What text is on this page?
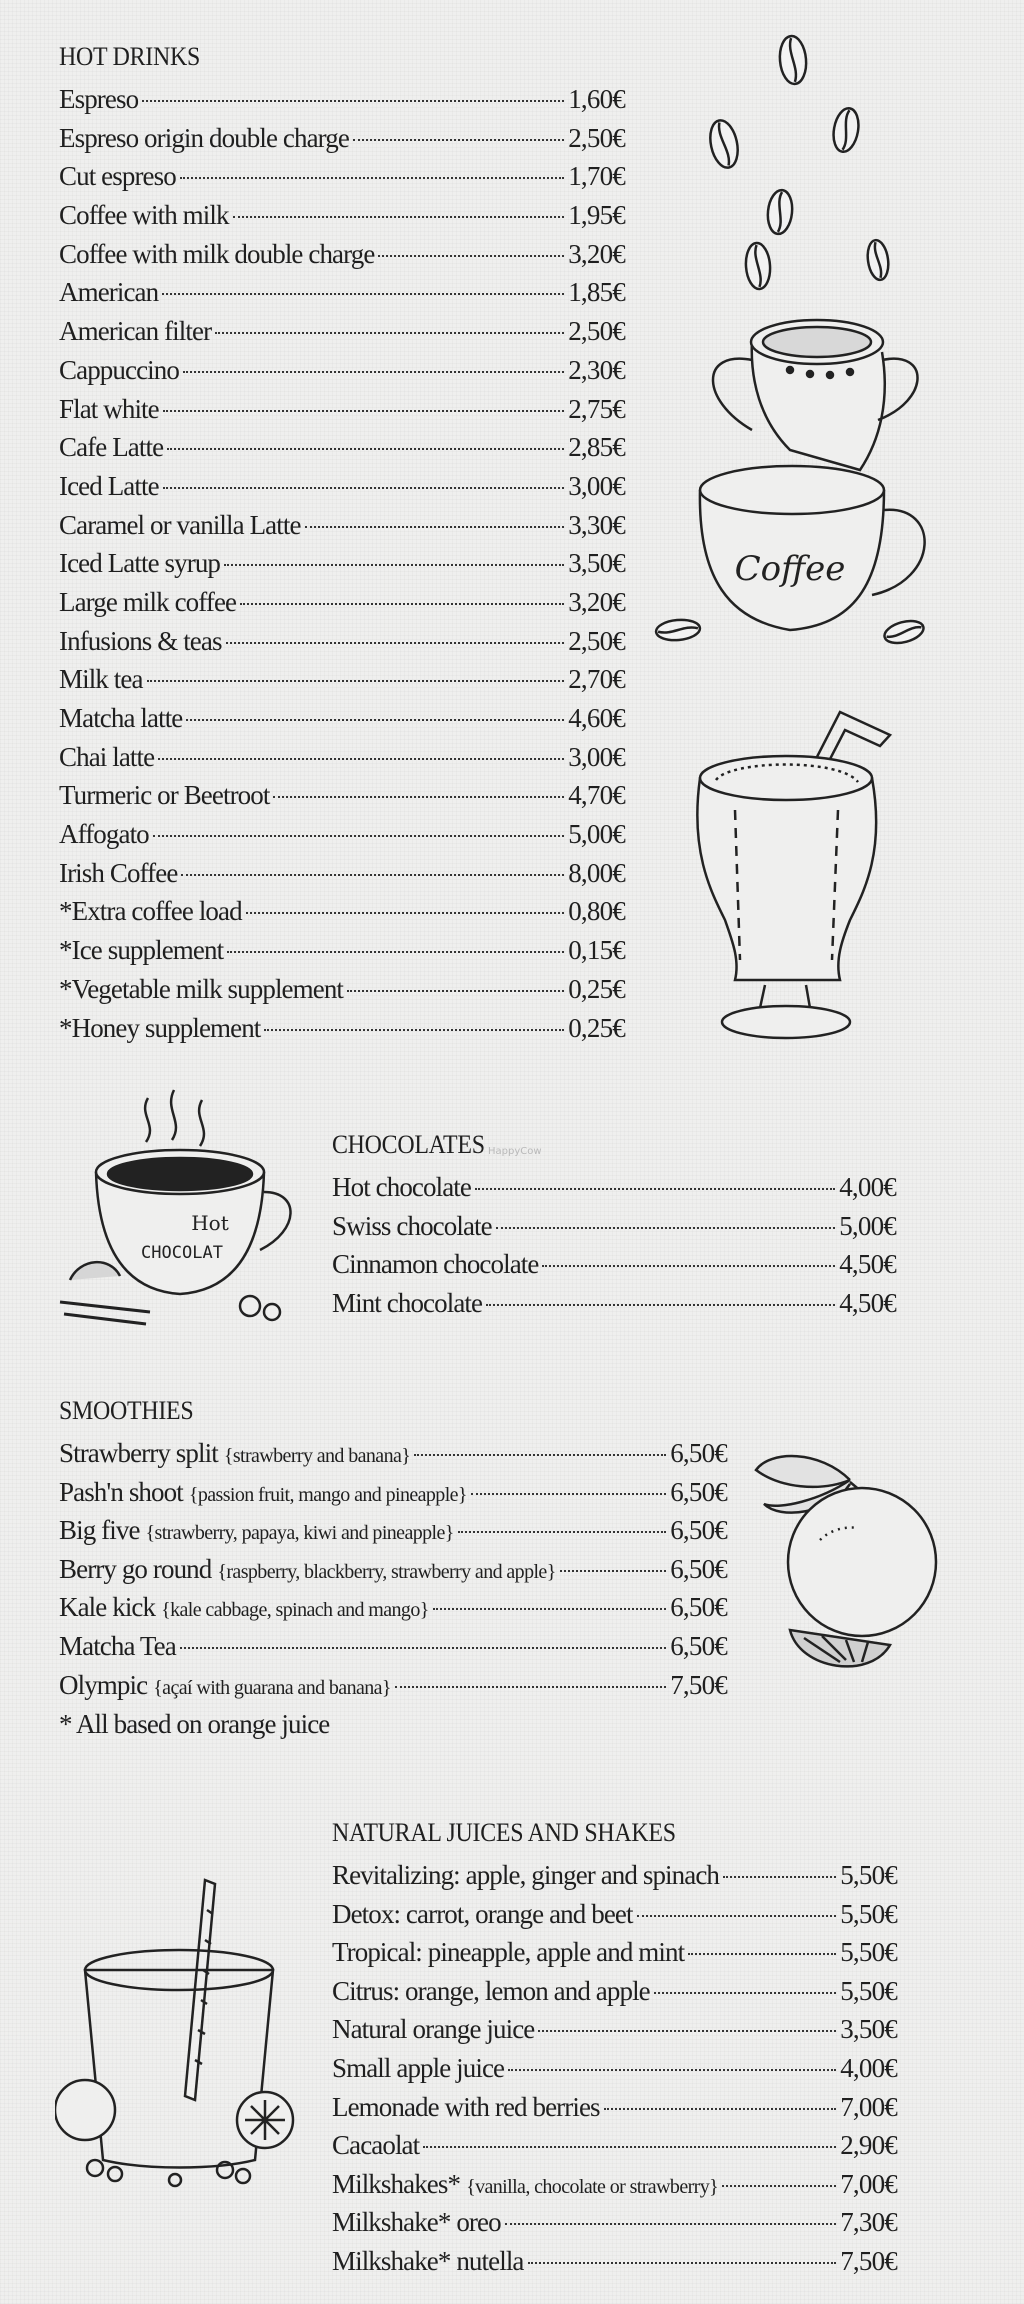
HOT DRINKS
Espreso	1,60€
Espreso origin double charge	2,50€
Cut espreso	1,70€
Coffee with milk	1,95€
Coffee with milk double charge	3,20€
American	1,85€
American filter	2,50€
Cappuccino	2,30€
Flat white	2,75€
Cafe Latte	2,85€
Iced Latte	3,00€
Caramel or vanilla Latte	3,30€
Iced Latte syrup	3,50€
Large milk coffee	3,20€
Infusions & teas	2,50€
Milk tea	2,70€
Matcha latte	4,60€
Chai latte	3,00€
Turmeric or Beetroot	4,70€
Affogato	5,00€
Irish Coffee	8,00€
*Extra coffee load	0,80€
*Ice supplement	0,15€
*Vegetable milk supplement	0,25€
*Honey supplement	0,25€
CHOCOLATES
Hot chocolate	4,00€
Swiss chocolate	5,00€
Cinnamon chocolate	4,50€
Mint chocolate	4,50€
HappyCow
SMOOTHIES
Strawberry split {strawberry and banana}	6,50€
Pash'n shoot {passion fruit, mango and pineapple}	6,50€
Big five {strawberry, papaya, kiwi and pineapple}	6,50€
Berry go round {raspberry, blackberry, strawberry and apple}	6,50€
Kale kick {kale cabbage, spinach and mango}	6,50€
Matcha Tea	6,50€
Olympic {açaí with guarana and banana}	7,50€
* All based on orange juice
NATURAL JUICES AND SHAKES
Revitalizing: apple, ginger and spinach	5,50€
Detox: carrot, orange and beet	5,50€
Tropical: pineapple, apple and mint	5,50€
Citrus: orange, lemon and apple	5,50€
Natural orange juice	3,50€
Small apple juice	4,00€
Lemonade with red berries	7,00€
Cacaolat	2,90€
Milkshakes* {vanilla, chocolate or strawberry}	7,00€
Milkshake* oreo	7,30€
Milkshake* nutella	7,50€
Coffee
Hot
CHOCOLAT
